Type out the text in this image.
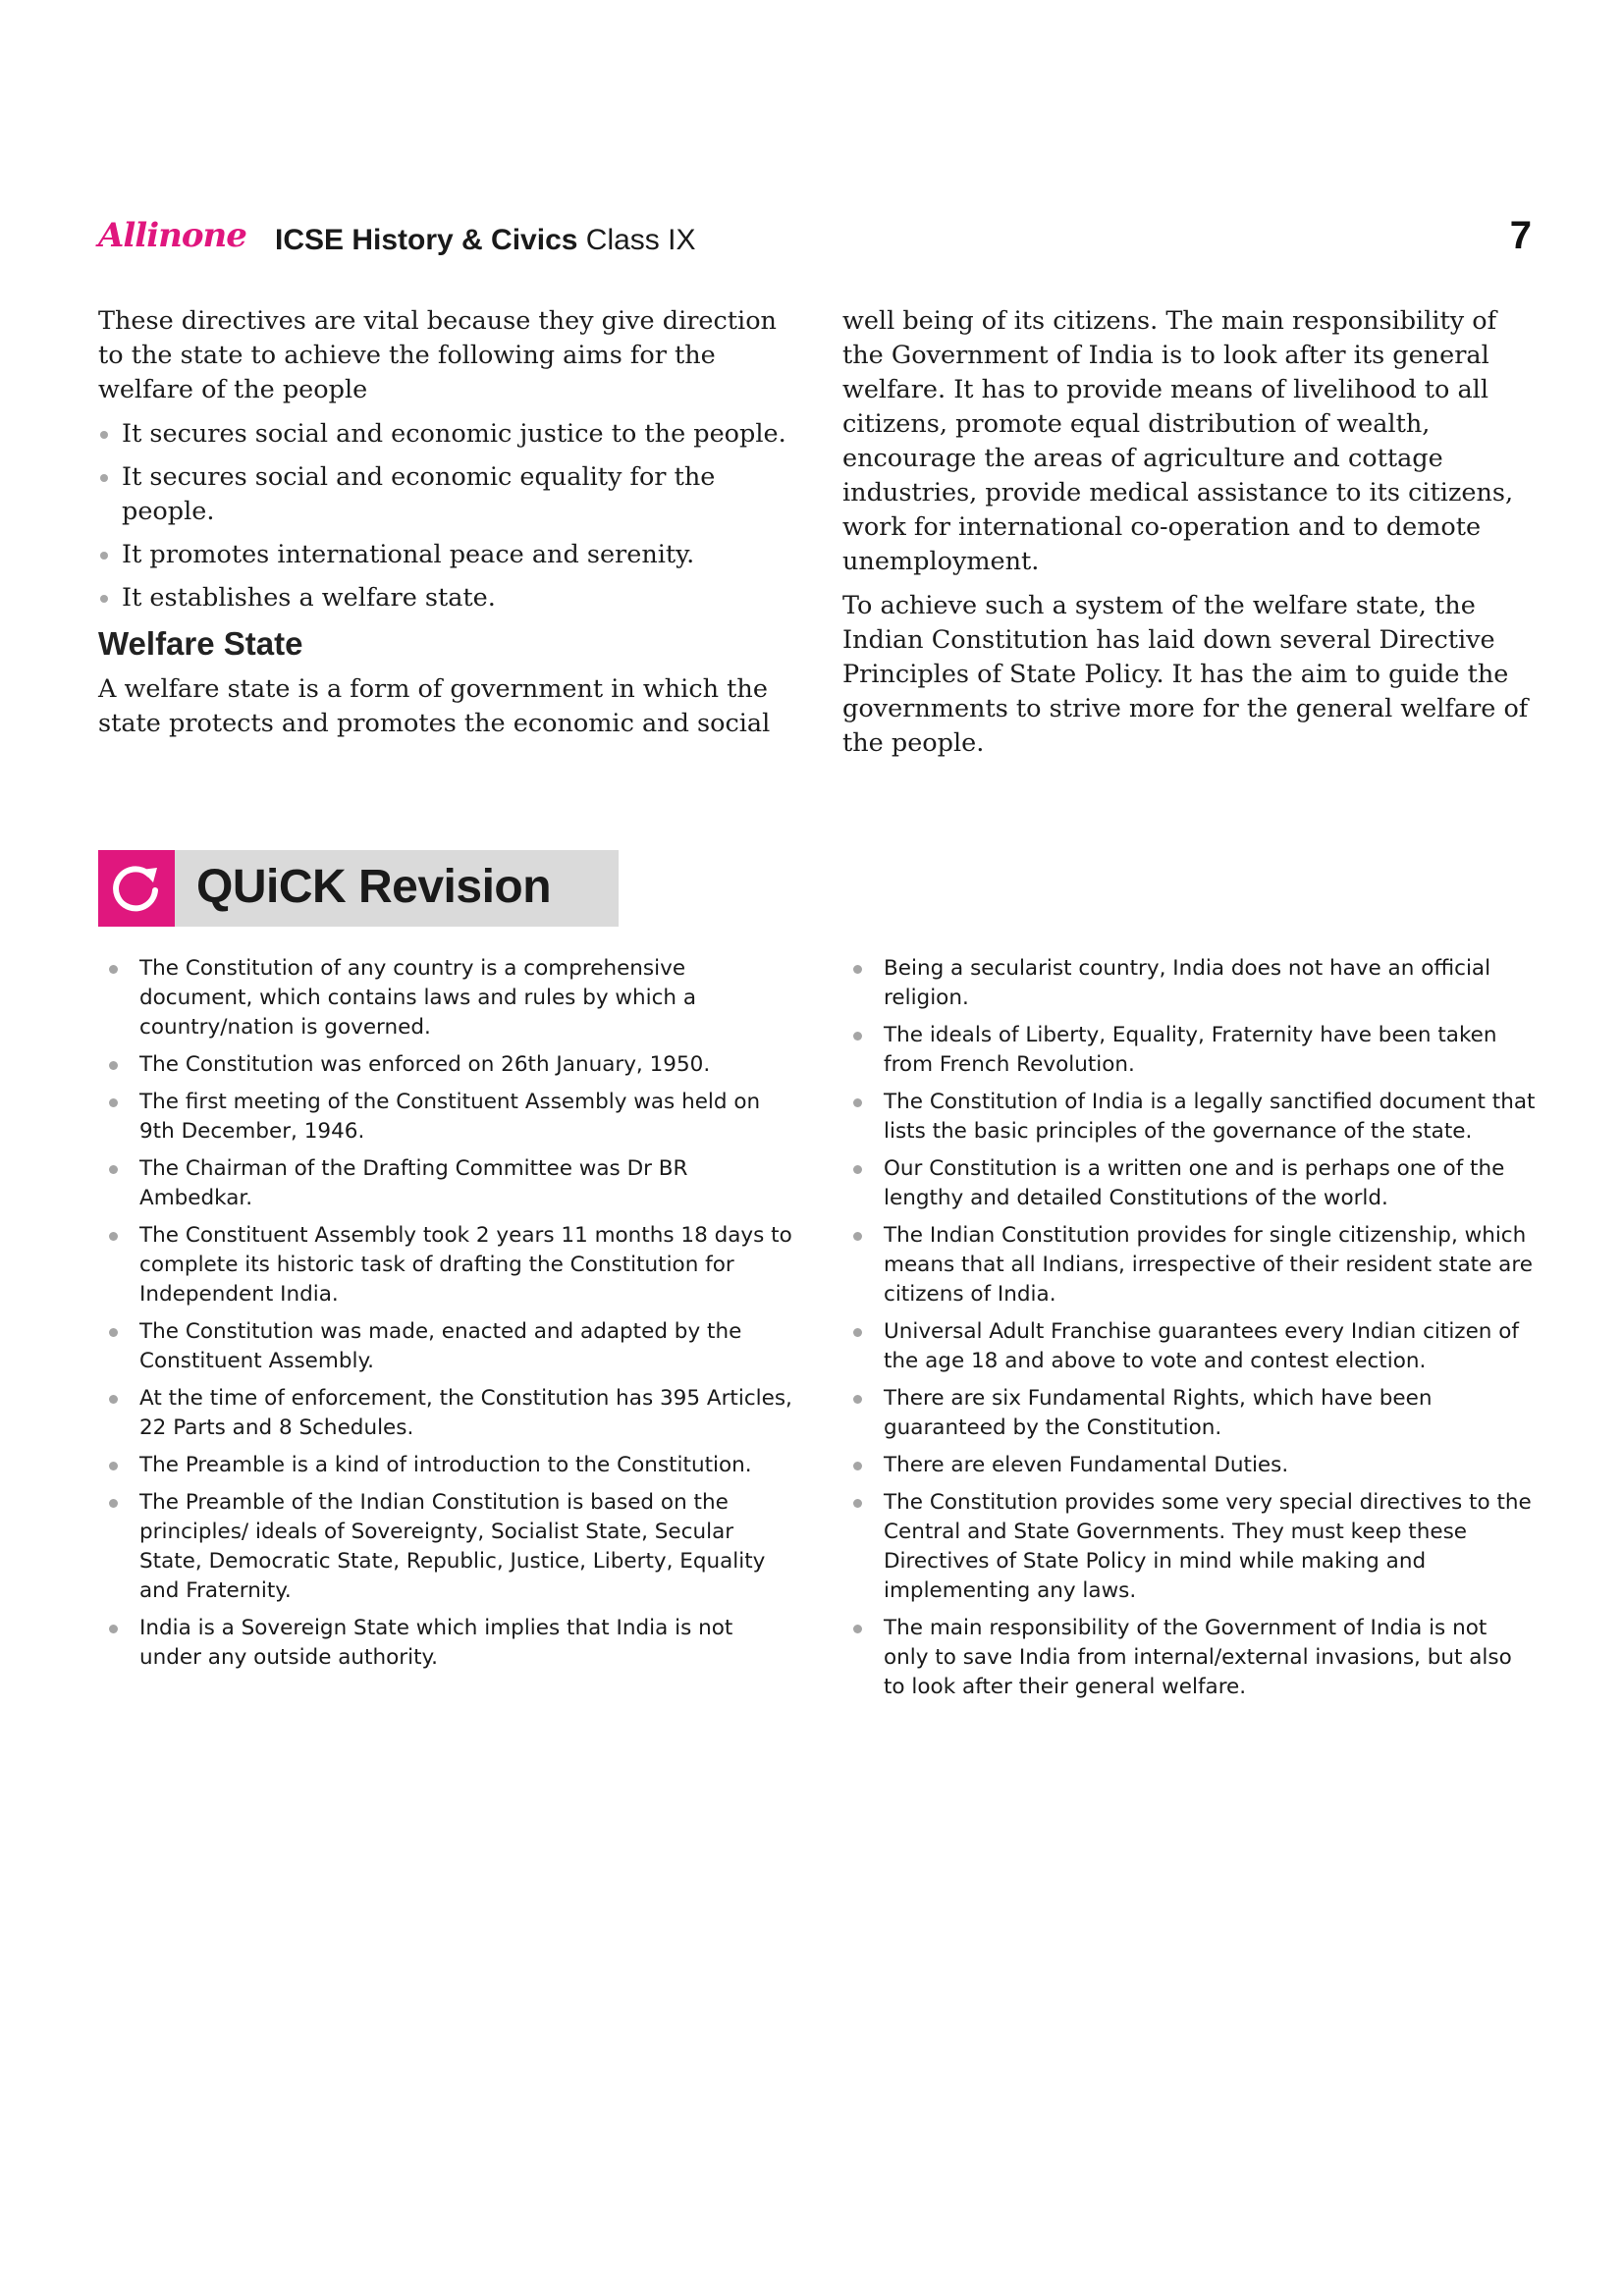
Allinone ICSE History & Civics Class IX	7

These directives are vital because they give direction to the state to achieve the following aims for the welfare of the people

It secures social and economic justice to the people.
It secures social and economic equality for the people.
It promotes international peace and serenity.
It establishes a welfare state.
Welfare State

A welfare state is a form of government in which the state protects and promotes the economic and social

well being of its citizens. The main responsibility of the Government of India is to look after its general welfare. It has to provide means of livelihood to all citizens, promote equal distribution of wealth, encourage the areas of agriculture and cottage industries, provide medical assistance to its citizens, work for international co-operation and to demote unemployment.

To achieve such a system of the welfare state, the Indian Constitution has laid down several Directive Principles of State Policy. It has the aim to guide the governments to strive more for the general welfare of the people.

QUiCK Revision
The Constitution of any country is a comprehensive document, which contains laws and rules by which a country/nation is governed.
The Constitution was enforced on 26th January, 1950.
The first meeting of the Constituent Assembly was held on 9th December, 1946.
The Chairman of the Drafting Committee was Dr BR Ambedkar.
The Constituent Assembly took 2 years 11 months 18 days to complete its historic task of drafting the Constitution for Independent India.
The Constitution was made, enacted and adapted by the Constituent Assembly.
At the time of enforcement, the Constitution has 395 Articles, 22 Parts and 8 Schedules.
The Preamble is a kind of introduction to the Constitution.
The Preamble of the Indian Constitution is based on the principles/ ideals of Sovereignty, Socialist State, Secular State, Democratic State, Republic, Justice, Liberty, Equality and Fraternity.
India is a Sovereign State which implies that India is not under any outside authority.
Being a secularist country, India does not have an official religion.
The ideals of Liberty, Equality, Fraternity have been taken from French Revolution.
The Constitution of India is a legally sanctified document that lists the basic principles of the governance of the state.
Our Constitution is a written one and is perhaps one of the lengthy and detailed Constitutions of the world.
The Indian Constitution provides for single citizenship, which means that all Indians, irrespective of their resident state are citizens of India.
Universal Adult Franchise guarantees every Indian citizen of the age 18 and above to vote and contest election.
There are six Fundamental Rights, which have been guaranteed by the Constitution.
There are eleven Fundamental Duties.
The Constitution provides some very special directives to the Central and State Governments. They must keep these Directives of State Policy in mind while making and implementing any laws.
The main responsibility of the Government of India is not only to save India from internal/external invasions, but also to look after their general welfare.
